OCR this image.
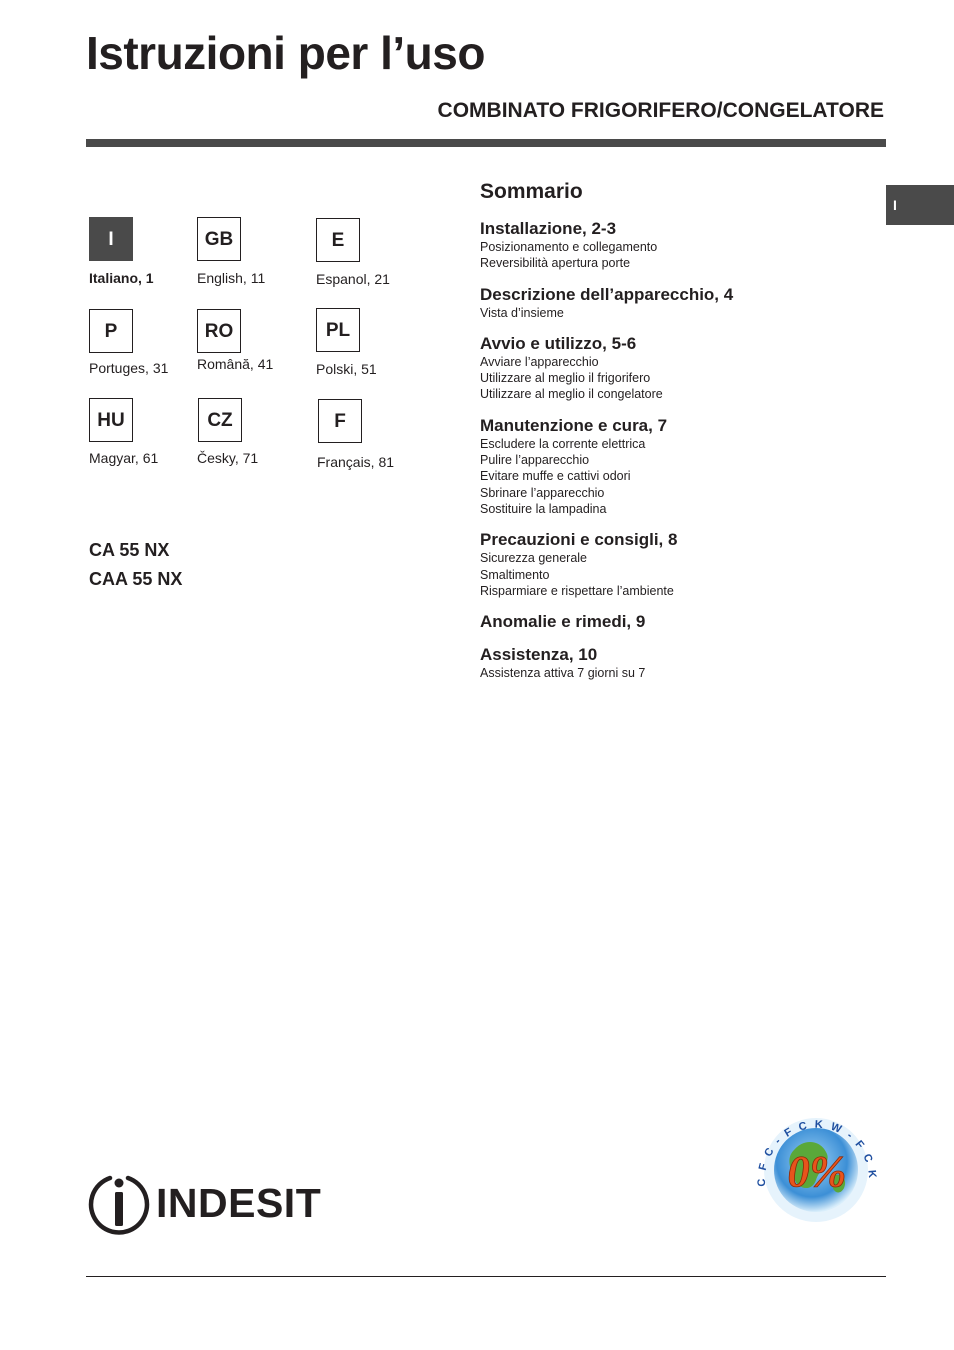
Istruzioni per l’uso
COMBINATO FRIGORIFERO/CONGELATORE
I
I
Italiano, 1
GB
English, 11
E
Espanol, 21
P
Portuges, 31
RO
Română, 41
PL
Polski, 51
HU
Magyar, 61
CZ
Česky, 71
F
Français, 81
CA 55 NX
CAA 55 NX
Sommario
Installazione, 2-3
Posizionamento e collegamento
Reversibilità apertura porte
Descrizione dell’apparecchio, 4
Vista d’insieme
Avvio e utilizzo, 5-6
Avviare l’apparecchio
Utilizzare al meglio il frigorifero
Utilizzare al meglio il congelatore
Manutenzione e cura, 7
Escludere la corrente elettrica
Pulire l’apparecchio
Evitare muffe e cattivi odori
Sbrinare l’apparecchio
Sostituire la lampadina
Precauzioni e consigli, 8
Sicurezza generale
Smaltimento
Risparmiare e rispettare l’ambiente
Anomalie e rimedi, 9
Assistenza, 10
Assistenza attiva 7 giorni su 7
INDESIT
0%
C F C - F C K W - F C K
